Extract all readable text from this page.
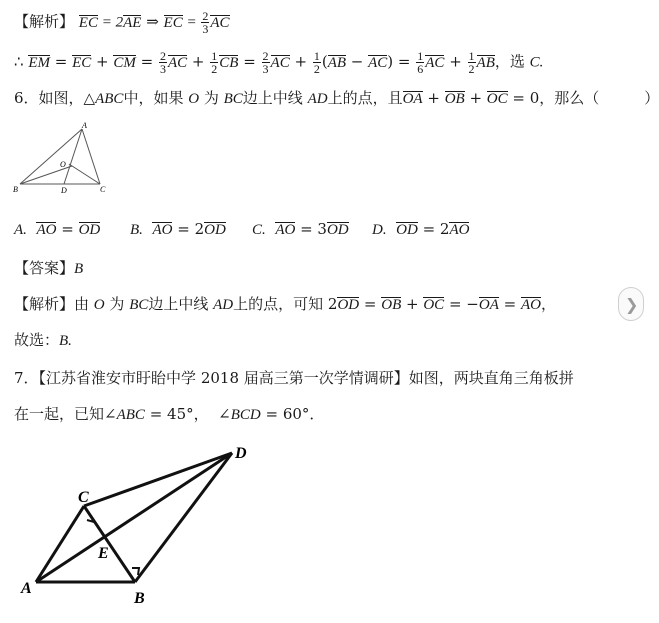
【解析】 EC = 2AE ⇒ EC = $\frac{2}{3}$ AC
∴ EM = EC + CM = $\frac{2}{3}$ AC + $\frac{1}{2}$ CB = $\frac{2}{3}$ AC + $\frac{1}{2} (AB - AC) = \frac{1}{6}$ AC + $\frac{1}{2}$ AB，选 C.
6．如图，△ABC中，如果 O 为 BC边上中线 AD上的点，且OA + OB + OC = 0，那么（　　　）
A
B	C
D
O
A. AO = OD B. AO = 2OD C. AO = 3OD D. OD = 2AO
【答案】B
【解析】由 O 为 BC边上中线 AD上的点，可知 2OD = OB + OC = −OA = AO，
故选：B.
7．【江苏省淮安市盱眙中学 2018 届高三第一次学情调研】如图，两块直角三角板拼
在一起，已知∠ABC = 45°，  ∠BCD = 60°．
C
D
E
A
B
❯
